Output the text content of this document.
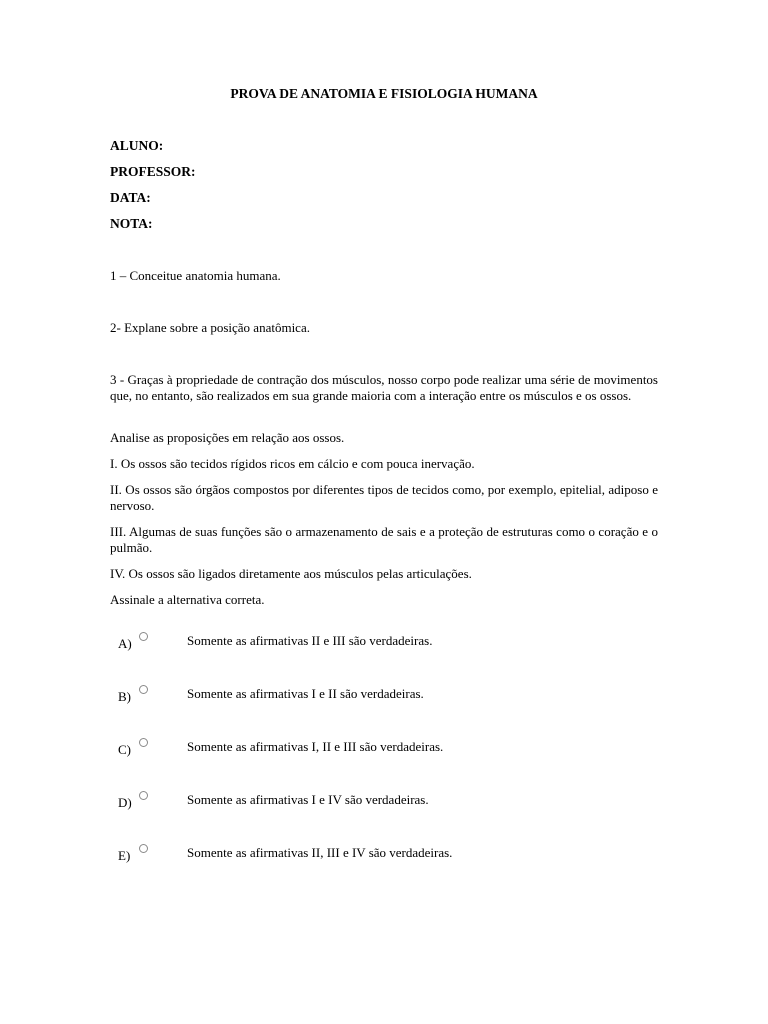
PROVA DE ANATOMIA E FISIOLOGIA HUMANA
ALUNO:
PROFESSOR:
DATA:
NOTA:
1 – Conceitue anatomia humana.
2- Explane sobre a posição anatômica.
3 - Graças à propriedade de contração dos músculos, nosso corpo pode realizar uma série de movimentos que, no entanto, são realizados em sua grande maioria com a interação entre os músculos e os ossos.
Analise as proposições em relação aos ossos.
I. Os ossos são tecidos rígidos ricos em cálcio e com pouca inervação.
II. Os ossos são órgãos compostos por diferentes tipos de tecidos como, por exemplo, epitelial, adiposo e nervoso.
III. Algumas de suas funções são o armazenamento de sais e a proteção de estruturas como o coração e o pulmão.
IV. Os ossos são ligados diretamente aos músculos pelas articulações.
Assinale a alternativa correta.
A)	Somente as afirmativas II e III são verdadeiras.
B)	Somente as afirmativas I e II são verdadeiras.
C)	Somente as afirmativas I, II e III são verdadeiras.
D)	Somente as afirmativas I e IV são verdadeiras.
E)	Somente as afirmativas II, III e IV são verdadeiras.
